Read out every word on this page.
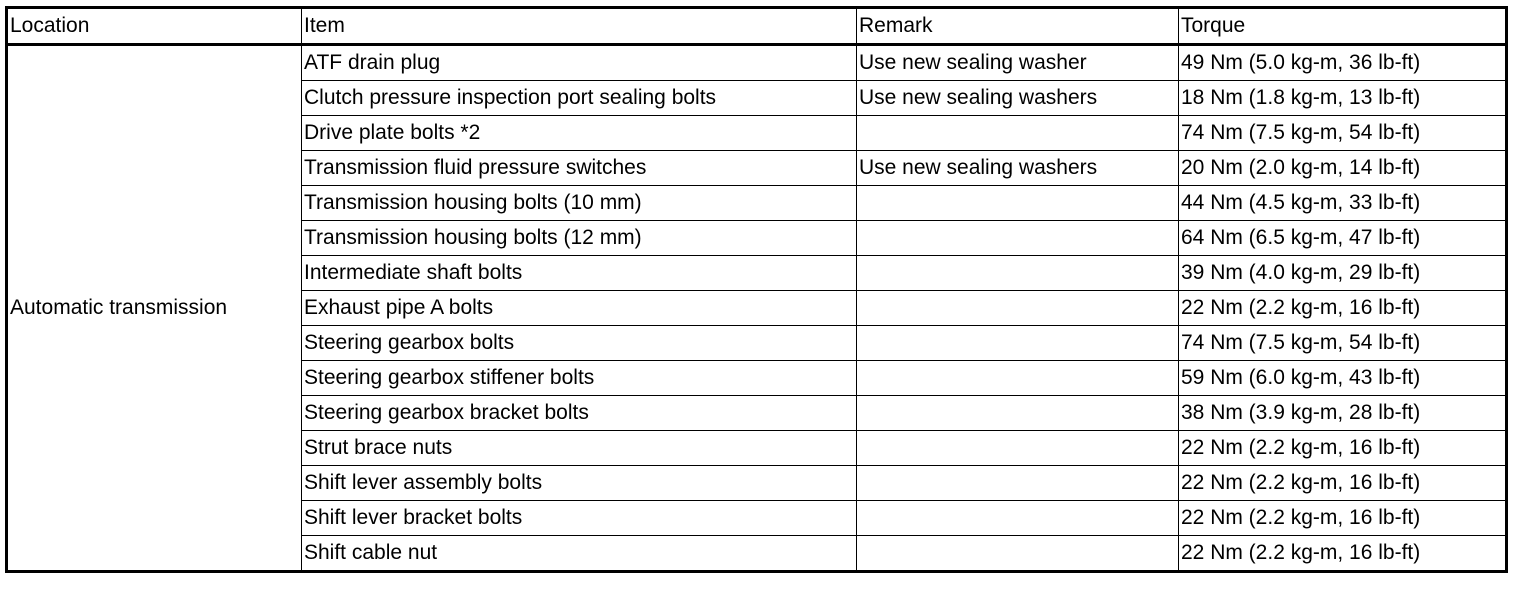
Location	Item	Remark	Torque
Automatic transmission	ATF drain plug	Use new sealing washer	49 Nm (5.0 kg-m, 36 lb-ft)
	Clutch pressure inspection port sealing bolts	Use new sealing washers	18 Nm (1.8 kg-m, 13 lb-ft)
	Drive plate bolts *2		74 Nm (7.5 kg-m, 54 lb-ft)
	Transmission fluid pressure switches	Use new sealing washers	20 Nm (2.0 kg-m, 14 lb-ft)
	Transmission housing bolts (10 mm)		44 Nm (4.5 kg-m, 33 lb-ft)
	Transmission housing bolts (12 mm)		64 Nm (6.5 kg-m, 47 lb-ft)
	Intermediate shaft bolts		39 Nm (4.0 kg-m, 29 lb-ft)
	Exhaust pipe A bolts		22 Nm (2.2 kg-m, 16 lb-ft)
	Steering gearbox bolts		74 Nm (7.5 kg-m, 54 lb-ft)
	Steering gearbox stiffener bolts		59 Nm (6.0 kg-m, 43 lb-ft)
	Steering gearbox bracket bolts		38 Nm (3.9 kg-m, 28 lb-ft)
	Strut brace nuts		22 Nm (2.2 kg-m, 16 lb-ft)
	Shift lever assembly bolts		22 Nm (2.2 kg-m, 16 lb-ft)
	Shift lever bracket bolts		22 Nm (2.2 kg-m, 16 lb-ft)
	Shift cable nut		22 Nm (2.2 kg-m, 16 lb-ft)
